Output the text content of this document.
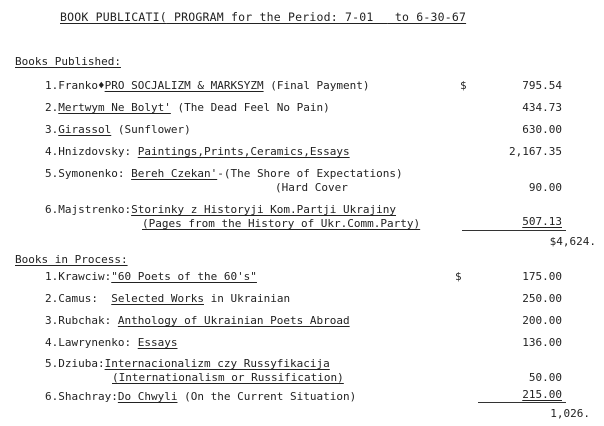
BOOK PUBLICATI( PROGRAM for the Period: 7-01   to 6-30-67
Books Published:
1.Franko♦PRO SOCJALIZM & MARKSYZM (Final Payment)	$	795.54
2.Mertwym Ne Bolyt' (The Dead Feel No Pain)	434.73
3.Girassol (Sunflower)	630.00
4.Hnizdovsky: Paintings,Prints,Ceramics,Essays	2,167.35
5.Symonenko: Bereh Czekan'-(The Shore of Expectations)
(Hard Cover	90.00
6.Majstrenko:Storinky z Historyji Kom.Partji Ukrajiny
(Pages from the History of Ukr.Comm.Party)	507.13
$4,624.
Books in Process:
1.Krawciw:"60 Poets of the 60's"	$	175.00
2.Camus:  Selected Works in Ukrainian	250.00
3.Rubchak: Anthology of Ukrainian Poets Abroad	200.00
4.Lawrynenko: Essays	136.00
5.Dziuba:Internacionalizm czy Russyfikacija
(Internationalism or Russification)	50.00
6.Shachray:Do Chwyli (On the Current Situation)	215.00
1,026.
